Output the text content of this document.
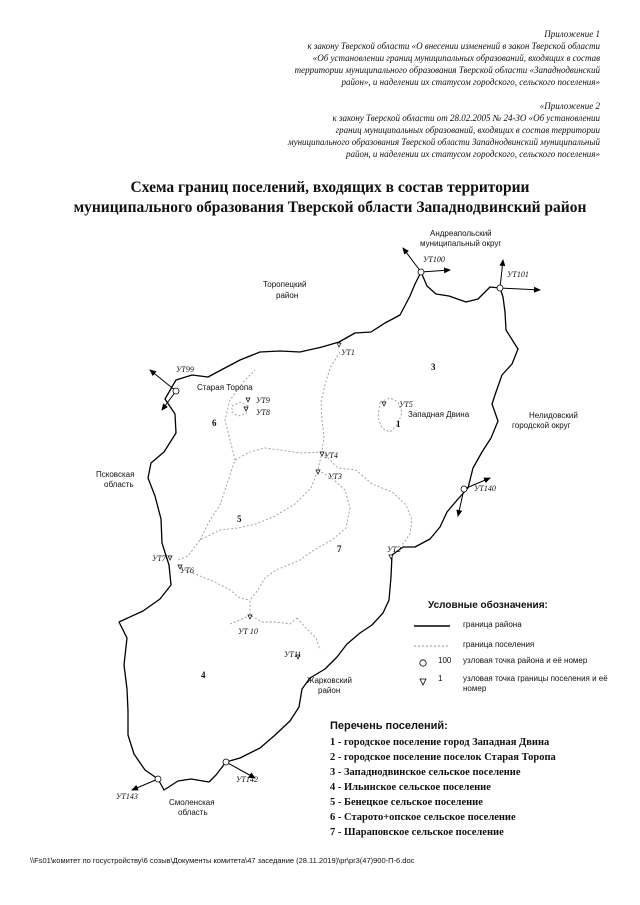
Приложение 1
к закону Тверской области «О внесении изменений в закон Тверской области
«Об установлении границ муниципальных образований, входящих в состав
территории муниципального образования Тверской области «Западнодвинский
район», и наделении их статусом городского, сельского поселения»
«Приложение 2
к закону Тверской области от 28.02.2005 № 24-ЗО «Об установлении
границ муниципальных образований, входящих в состав территории
муниципального образования Тверской области Западнодвинский муниципальный
район, и наделении их статусом городского, сельского поселения»
Схема границ поселений, входящих в состав территории
муниципального образования Тверской области Западнодвинский район
Андреапольский
муниципальный округ
Торопецкий
район
Нелидовский
городской округ
Псковская
область
Жарковский
район
Смоленская
область
Старая Торопа
Западная Двина
УТ100
УТ101
УТ99
УТ140
УТ143
УТ142
УТ1
УТ2
УТ3
УТ4
УТ5
УТ6
УТ7
УТ8
УТ9
УТ 10
УТ11
1
3
4
5
6
7
Условные обозначения:
граница района
граница поселения
100 узловая точка района и её номер
1	узловая точка границы поселения и её номер
Перечень поселений:
1 - городское поселение город Западная Двина
2 - городское поселение поселок Старая Торопа
3 - Западнодвинское сельское поселение
4 - Ильинское сельское поселение
5 - Бенецкое сельское поселение
6 - Старото+опское сельское поселение
7 - Шараповское сельское поселение
\\Fs01\комитет по госустройству\6 созыв\Документы комитета\47 заседание (28.11.2019)\pr\pr3(47)900-П-6.doc
